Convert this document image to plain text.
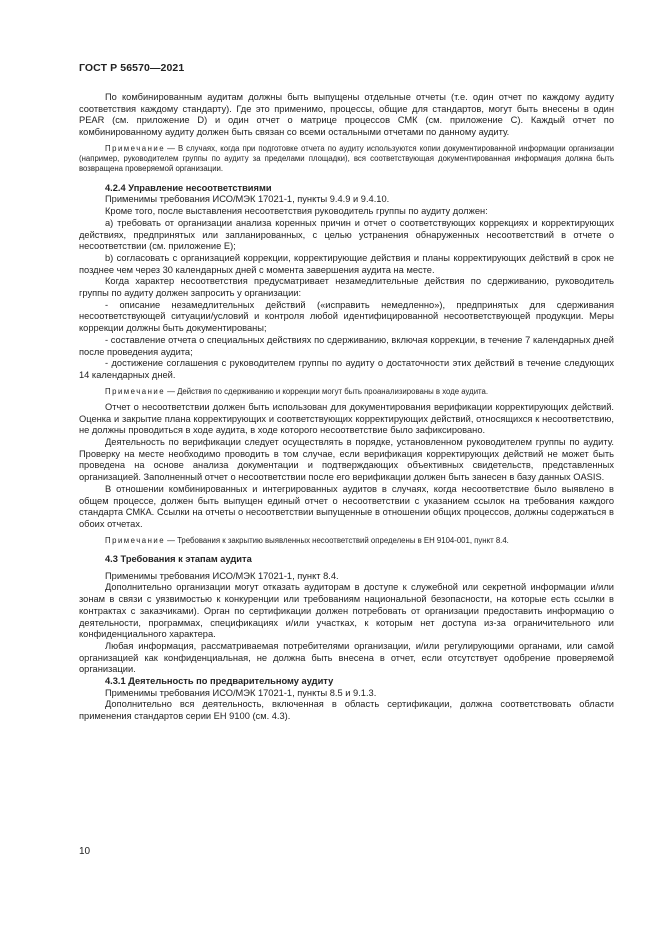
ГОСТ Р 56570—2021

По комбинированным аудитам должны быть выпущены отдельные отчеты (т.е. один отчет по каждому аудиту соответствия каждому стандарту). Где это применимо, процессы, общие для стандартов, могут быть внесены в один PEAR (см. приложение D) и один отчет о матрице процессов СМК (см. приложение С). Каждый отчет по комбинированному аудиту должен быть связан со всеми остальными отчетами по данному аудиту.

Примечание — В случаях, когда при подготовке отчета по аудиту используются копии документированной информации организации (например, руководителем группы по аудиту за пределами площадки), вся соответствующая документированная информация должна быть возвращена проверяемой организации.

4.2.4 Управление несоответствиями

Применимы требования ИСО/МЭК 17021-1, пункты 9.4.9 и 9.4.10.

Кроме того, после выставления несоответствия руководитель группы по аудиту должен:

а) требовать от организации анализа коренных причин и отчет о соответствующих коррекциях и корректирующих действиях, предпринятых или запланированных, с целью устранения обнаруженных несоответствий в отчете о несоответствии (см. приложение Е);

b) согласовать с организацией коррекции, корректирующие действия и планы корректирующих действий в срок не позднее чем через 30 календарных дней с момента завершения аудита на месте.

Когда характер несоответствия предусматривает незамедлительные действия по сдерживанию, руководитель группы по аудиту должен запросить у организации:

- описание незамедлительных действий («исправить немедленно»), предпринятых для сдерживания несоответствующей ситуации/условий и контроля любой идентифицированной несоответствующей продукции. Меры коррекции должны быть документированы;

- составление отчета о специальных действиях по сдерживанию, включая коррекции, в течение 7 календарных дней после проведения аудита;

- достижение соглашения с руководителем группы по аудиту о достаточности этих действий в течение следующих 14 календарных дней.

Примечание — Действия по сдерживанию и коррекции могут быть проанализированы в ходе аудита.

Отчет о несоответствии должен быть использован для документирования верификации корректирующих действий. Оценка и закрытие плана корректирующих и соответствующих корректирующих действий, относящихся к несоответствию, не должны проводиться в ходе аудита, в ходе которого несоответствие было зафиксировано.

Деятельность по верификации следует осуществлять в порядке, установленном руководителем группы по аудиту. Проверку на месте необходимо проводить в том случае, если верификация корректирующих действий не может быть проведена на основе анализа документации и подтверждающих объективных свидетельств, представленных организацией. Заполненный отчет о несоответствии после его верификации должен быть занесен в базу данных OASIS.

В отношении комбинированных и интегрированных аудитов в случаях, когда несоответствие было выявлено в общем процессе, должен быть выпущен единый отчет о несоответствии с указанием ссылок на требования каждого стандарта СМКА. Ссылки на отчеты о несоответствии выпущенные в отношении общих процессов, должны содержаться в обоих отчетах.

Примечание — Требования к закрытию выявленных несоответствий определены в ЕН 9104-001, пункт 8.4.

4.3 Требования к этапам аудита

Применимы требования ИСО/МЭК 17021-1, пункт 8.4.

Дополнительно организации могут отказать аудиторам в доступе к служебной или секретной информации и/или зонам в связи с уязвимостью к конкуренции или требованиям национальной безопасности, на которые есть ссылки в контрактах с заказчиками). Орган по сертификации должен потребовать от организации предоставить информацию о деятельности, программах, спецификациях и/или участках, к которым нет доступа из-за ограничительного или конфиденциального характера.

Любая информация, рассматриваемая потребителями организации, и/или регулирующими органами, или самой организацией как конфиденциальная, не должна быть внесена в отчет, если отсутствует одобрение проверяемой организации.

4.3.1 Деятельность по предварительному аудиту

Применимы требования ИСО/МЭК 17021-1, пункты 8.5 и 9.1.3.

Дополнительно вся деятельность, включенная в область сертификации, должна соответствовать области применения стандартов серии ЕН 9100 (см. 4.3).

10
